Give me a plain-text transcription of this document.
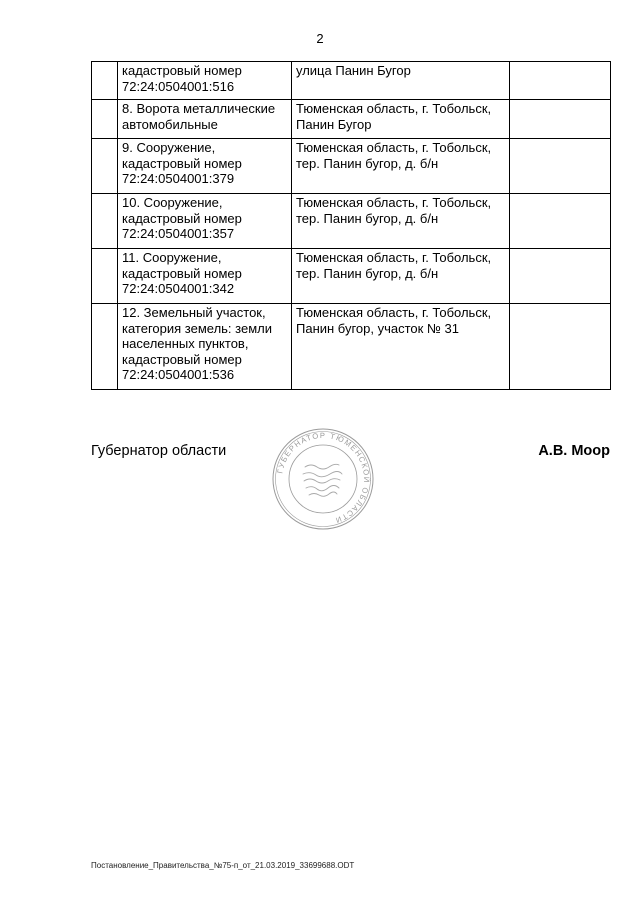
2
	кадастровый номер 72:24:0504001:516	улица Панин Бугор	
	8. Ворота металлические автомобильные	Тюменская область, г. Тобольск, Панин Бугор	
	9. Сооружение, кадастровый номер 72:24:0504001:379	Тюменская область, г. Тобольск, тер. Панин бугор, д. б/н	
	10. Сооружение, кадастровый номер 72:24:0504001:357	Тюменская область, г. Тобольск, тер. Панин бугор, д. б/н	
	11. Сооружение, кадастровый номер 72:24:0504001:342	Тюменская область, г. Тобольск, тер. Панин бугор, д. б/н	
	12. Земельный участок, категория земель: земли населенных пунктов, кадастровый номер 72:24:0504001:536	Тюменская область, г. Тобольск, Панин бугор, участок № 31	
Губернатор области
ГУБЕРНАТОР ТЮМЕНСКОЙ ОБЛАСТИ
А.В. Моор
Постановление_Правительства_№75-п_от_21.03.2019_33699688.ODT
